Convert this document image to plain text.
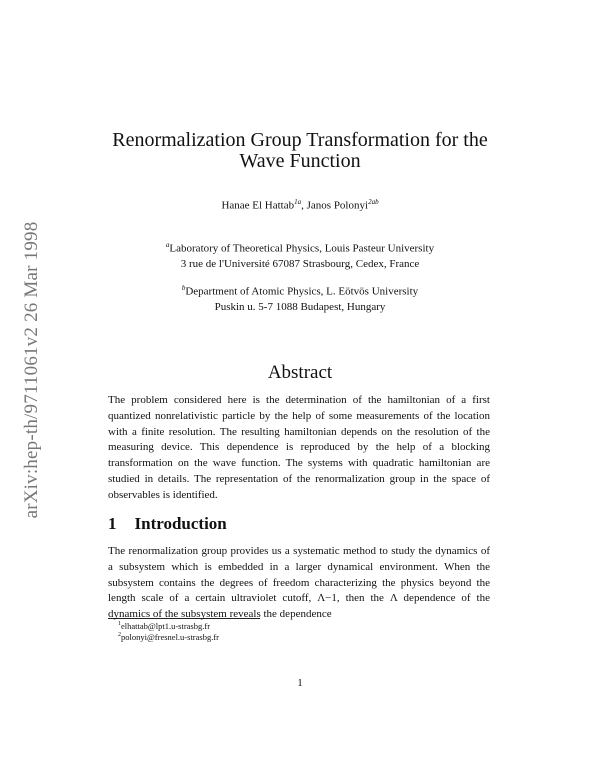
arXiv:hep-th/9711061v2 26 Mar 1998
Renormalization Group Transformation for the
Wave Function
Hanae El Hattab$^{1a}$, Janos Polonyi$^{2ab}$
$^a$Laboratory of Theoretical Physics, Louis Pasteur University
3 rue de l'Université 67087 Strasbourg, Cedex, France
$^b$Department of Atomic Physics, L. Eötvös University
Puskin u. 5-7 1088 Budapest, Hungary
Abstract
The problem considered here is the determination of the hamiltonian of a first quantized nonrelativistic particle by the help of some measurements of the location with a finite resolution. The resulting hamiltonian depends on the resolution of the measuring device. This dependence is reproduced by the help of a blocking transformation on the wave function. The systems with quadratic hamiltonian are studied in details. The representation of the renormalization group in the space of observables is identified.
1 Introduction
The renormalization group provides us a systematic method to study the dynamics of a subsystem which is embedded in a larger dynamical environment. When the subsystem contains the degrees of freedom characterizing the physics beyond the length scale of a certain ultraviolet cutoff, Λ−1, then the Λ dependence of the dynamics of the subsystem reveals the dependence
$^1$elhattab@lpt1.u-strasbg.fr
$^2$polonyi@fresnel.u-strasbg.fr
1
